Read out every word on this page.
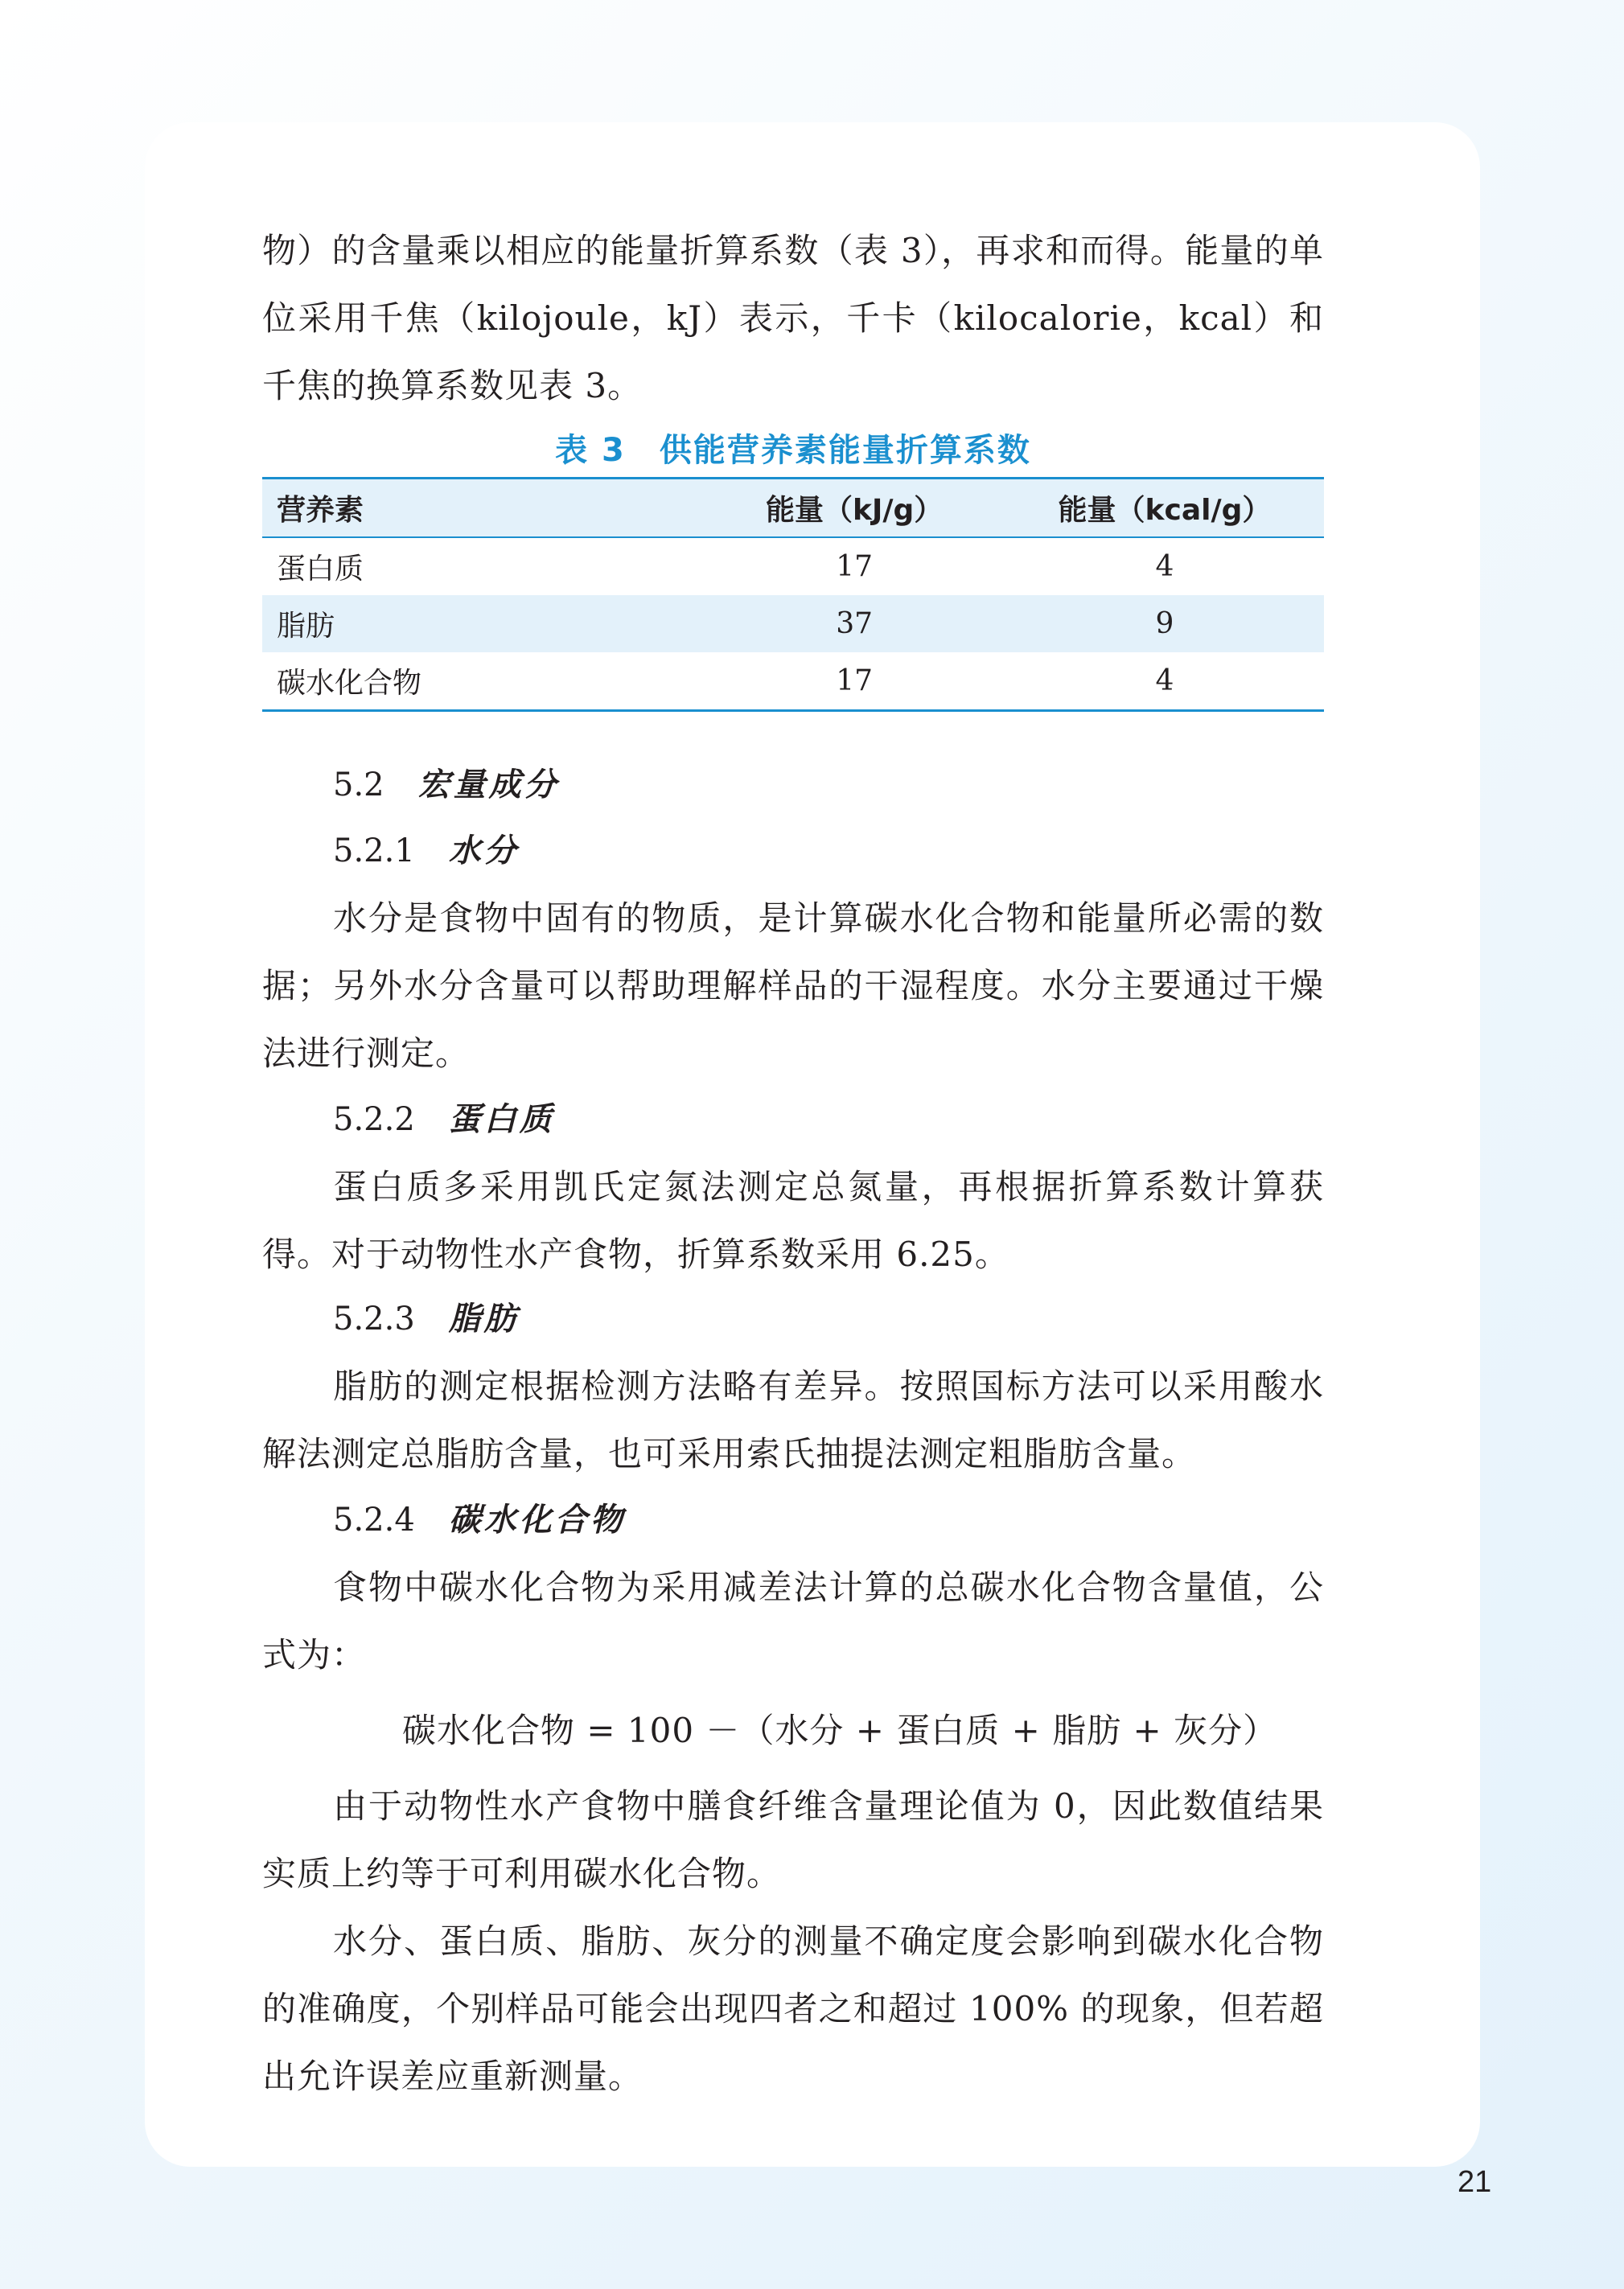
物）的含量乘以相应的能量折算系数（表 3），再求和而得。能量的单位采用千焦（kilojoule，kJ）表示，千卡（kilocalorie，kcal）和千焦的换算系数见表 3。

表 3　供能营养素能量折算系数
营养素	能量（kJ/g）	能量（kcal/g）
蛋白质	17	4
脂肪	37	9
碳水化合物	17	4
5.2 宏量成分
5.2.1 水分

水分是食物中固有的物质，是计算碳水化合物和能量所必需的数据；另外水分含量可以帮助理解样品的干湿程度。水分主要通过干燥法进行测定。

5.2.2 蛋白质

蛋白质多采用凯氏定氮法测定总氮量，再根据折算系数计算获得。对于动物性水产食物，折算系数采用 6.25。

5.2.3 脂肪

脂肪的测定根据检测方法略有差异。按照国标方法可以采用酸水解法测定总脂肪含量，也可采用索氏抽提法测定粗脂肪含量。

5.2.4 碳水化合物

食物中碳水化合物为采用减差法计算的总碳水化合物含量值，公式为：

碳水化合物 = 100 －（水分 + 蛋白质 + 脂肪 + 灰分）

由于动物性水产食物中膳食纤维含量理论值为 0，因此数值结果实质上约等于可利用碳水化合物。

水分、蛋白质、脂肪、灰分的测量不确定度会影响到碳水化合物的准确度，个别样品可能会出现四者之和超过 100% 的现象，但若超出允许误差应重新测量。

21
